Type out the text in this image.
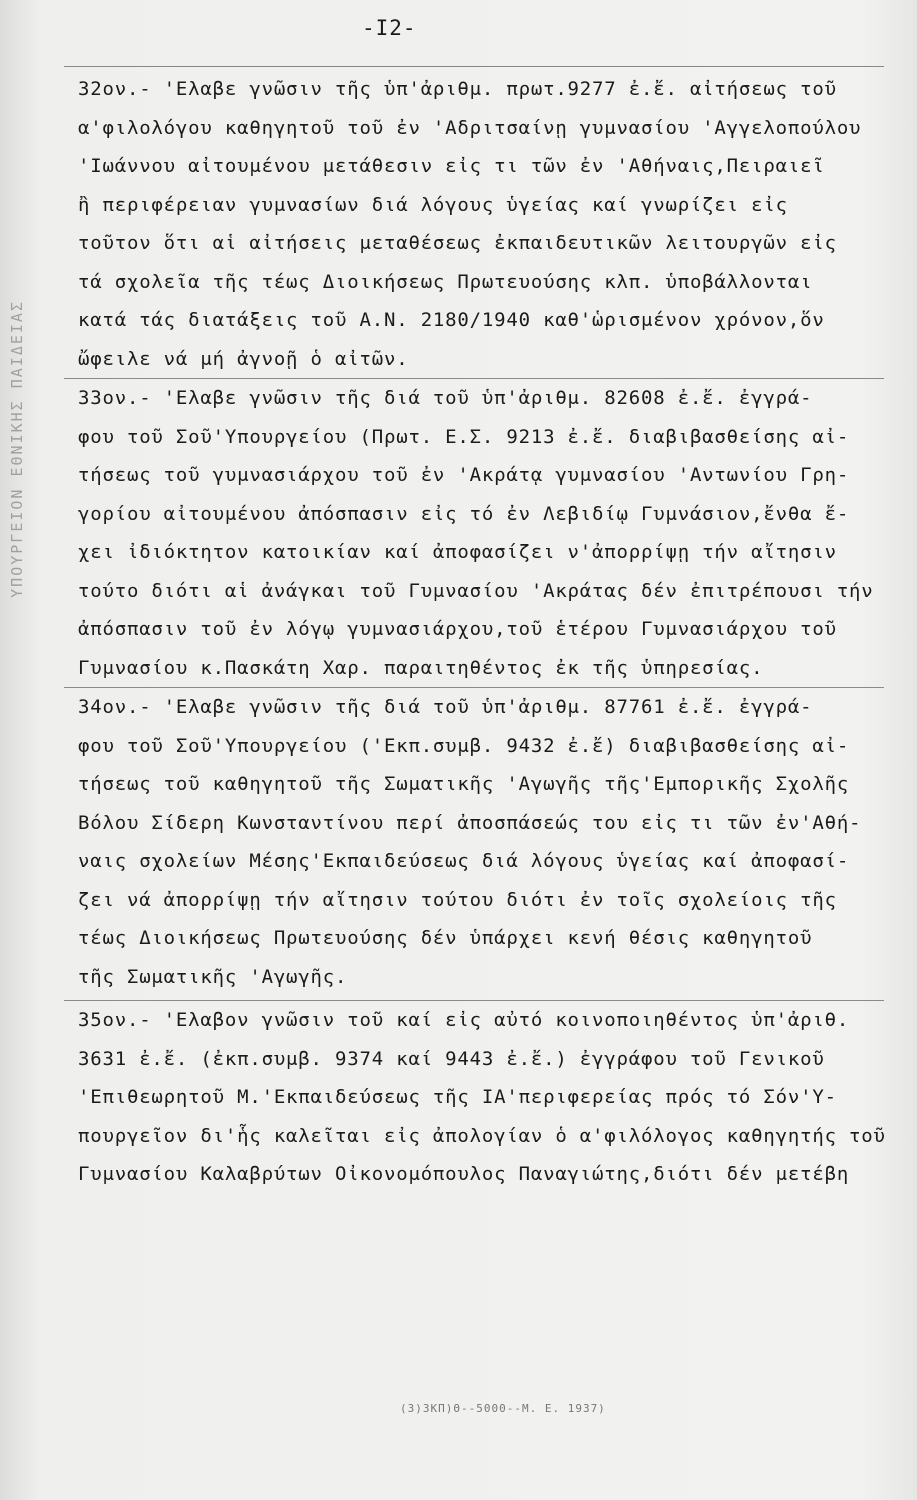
ΥΠΟΥΡΓΕΙΟΝ ΕΘΝΙΚΗΣ ΠΑΙΔΕΙΑΣ
-I2-
32ον.- 'Ελαβε γνῶσιν τῆς ὑπ'ἀριθμ. πρωτ.9277 ἐ.ἔ. αἰτήσεως τοῦ
α'φιλολόγου καθηγητοῦ τοῦ ἐν 'Αδριτσαίνῃ γυμνασίου 'Αγγελοπούλου
'Ιωάννου αἰτουμένου μετάθεσιν εἰς τι τῶν ἐν 'Αθήναις,Πειραιεῖ
ἢ περιφέρειαν γυμνασίων διά λόγους ὑγείας καί γνωρίζει εἰς
τοῦτον ὅτι αἱ αἰτήσεις μεταθέσεως ἐκπαιδευτικῶν λειτουργῶν εἰς
τά σχολεῖα τῆς τέως Διοικήσεως Πρωτευούσης κλπ. ὑποβάλλονται
κατά τάς διατάξεις τοῦ Α.Ν. 2180/1940 καθ'ὡρισμένον χρόνον,ὅν
ὤφειλε νά μή ἀγνοῇ ὁ αἰτῶν.
33ον.- 'Ελαβε γνῶσιν τῆς διά τοῦ ὑπ'ἀριθμ. 82608 ἐ.ἔ. ἐγγρά-
φου τοῦ Σοῦ'Υπουργείου (Πρωτ. Ε.Σ. 9213 ἐ.ἔ. διαβιβασθείσης αἰ-
τήσεως τοῦ γυμνασιάρχου τοῦ ἐν 'Ακράτᾳ γυμνασίου 'Αντωνίου Γρη-
γορίου αἰτουμένου ἀπόσπασιν εἰς τό ἐν Λεβιδίῳ Γυμνάσιον,ἔνθα ἔ-
χει ἰδιόκτητον κατοικίαν καί ἀποφασίζει ν'ἀπορρίψῃ τήν αἴτησιν
τούτο διότι αἱ ἀνάγκαι τοῦ Γυμνασίου 'Ακράτας δέν ἐπιτρέπουσι τήν
ἀπόσπασιν τοῦ ἐν λόγῳ γυμνασιάρχου,τοῦ ἑτέρου Γυμνασιάρχου τοῦ
Γυμνασίου κ.Πασκάτη Χαρ. παραιτηθέντος ἐκ τῆς ὑπηρεσίας.
34ον.- 'Ελαβε γνῶσιν τῆς διά τοῦ ὑπ'ἀριθμ. 87761 ἐ.ἔ. ἐγγρά-
φου τοῦ Σοῦ'Υπουργείου ('Εκπ.συμβ. 9432 ἐ.ἔ) διαβιβασθείσης αἰ-
τήσεως τοῦ καθηγητοῦ τῆς Σωματικῆς 'Αγωγῆς τῆς'Εμπορικῆς Σχολῆς
Βόλου Σίδερη Κωνσταντίνου περί ἀποσπάσεώς του εἰς τι τῶν ἐν'Αθή-
ναις σχολείων Μέσης'Εκπαιδεύσεως διά λόγους ὑγείας καί ἀποφασί-
ζει νά ἀπορρίψῃ τήν αἴτησιν τούτου διότι ἐν τοῖς σχολείοις τῆς
τέως Διοικήσεως Πρωτευούσης δέν ὑπάρχει κενή θέσις καθηγητοῦ
τῆς Σωματικῆς 'Αγωγῆς.
35ον.- 'Ελαβον γνῶσιν τοῦ καί εἰς αὐτό κοινοποιηθέντος ὑπ'ἀριθ.
3631 ἐ.ἔ. (ἐκπ.συμβ. 9374 καί 9443 ἐ.ἔ.) ἐγγράφου τοῦ Γενικοῦ
'Επιθεωρητοῦ Μ.'Εκπαιδεύσεως τῆς ΙΑ'περιφερείας πρός τό Σόν'Υ-
πουργεῖον δι'ἧς καλεῖται εἰς ἀπολογίαν ὁ α'φιλόλογος καθηγητής τοῦ
Γυμνασίου Καλαβρύτων Οἰκονομόπουλος Παναγιώτης,διότι δέν μετέβη
(3)3ΚΠ)Θ--5000--Μ. Ε. 1937)
